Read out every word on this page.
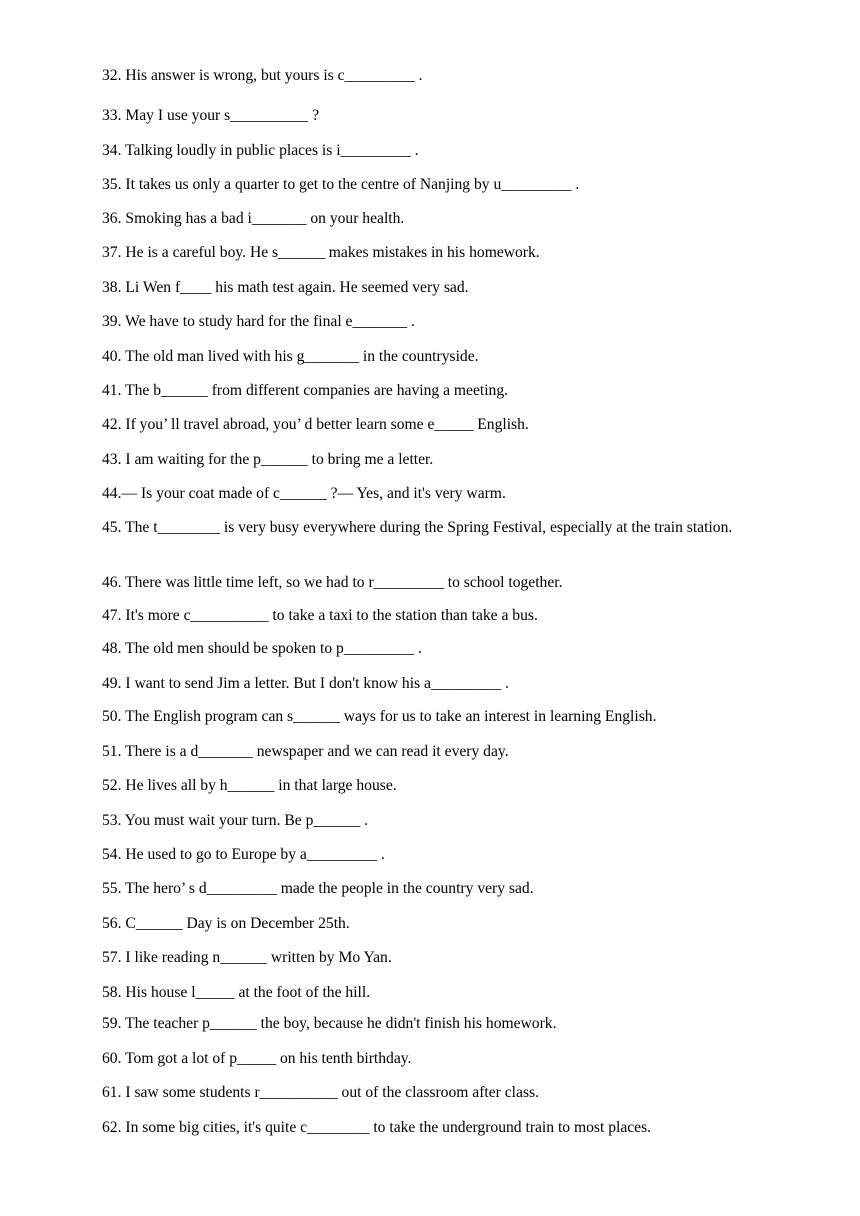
32. His answer is wrong, but yours is c_________ .
33. May I use your s__________ ?
34. Talking loudly in public places is i_________ .
35. It takes us only a quarter to get to the centre of Nanjing by u_________ .
36. Smoking has a bad i_______ on your health.
37. He is a careful boy. He s______ makes mistakes in his homework.
38. Li Wen f____ his math test again. He seemed very sad.
39. We have to study hard for the final e_______ .
40. The old man lived with his g_______ in the countryside.
41. The b______ from different companies are having a meeting.
42. If you’ ll travel abroad, you’ d better learn some e_____ English.
43. I am waiting for the p______ to bring me a letter.
44.— Is your coat made of c______ ?— Yes, and it's very warm.
45. The t________ is very busy everywhere during the Spring Festival, especially at the train station.
46. There was little time left, so we had to r_________ to school together.
47. It's more c__________ to take a taxi to the station than take a bus.
48. The old men should be spoken to p_________ .
49. I want to send Jim a letter. But I don't know his a_________ .
50. The English program can s______ ways for us to take an interest in learning English.
51. There is a d_______ newspaper and we can read it every day.
52. He lives all by h______ in that large house.
53. You must wait your turn. Be p______ .
54. He used to go to Europe by a_________ .
55. The hero’ s d_________ made the people in the country very sad.
56. C______ Day is on December 25th.
57. I like reading n______ written by Mo Yan.
58. His house l_____ at the foot of the hill.
59. The teacher p______ the boy, because he didn't finish his homework.
60. Tom got a lot of p_____ on his tenth birthday.
61. I saw some students r__________ out of the classroom after class.
62. In some big cities, it's quite c________ to take the underground train to most places.
